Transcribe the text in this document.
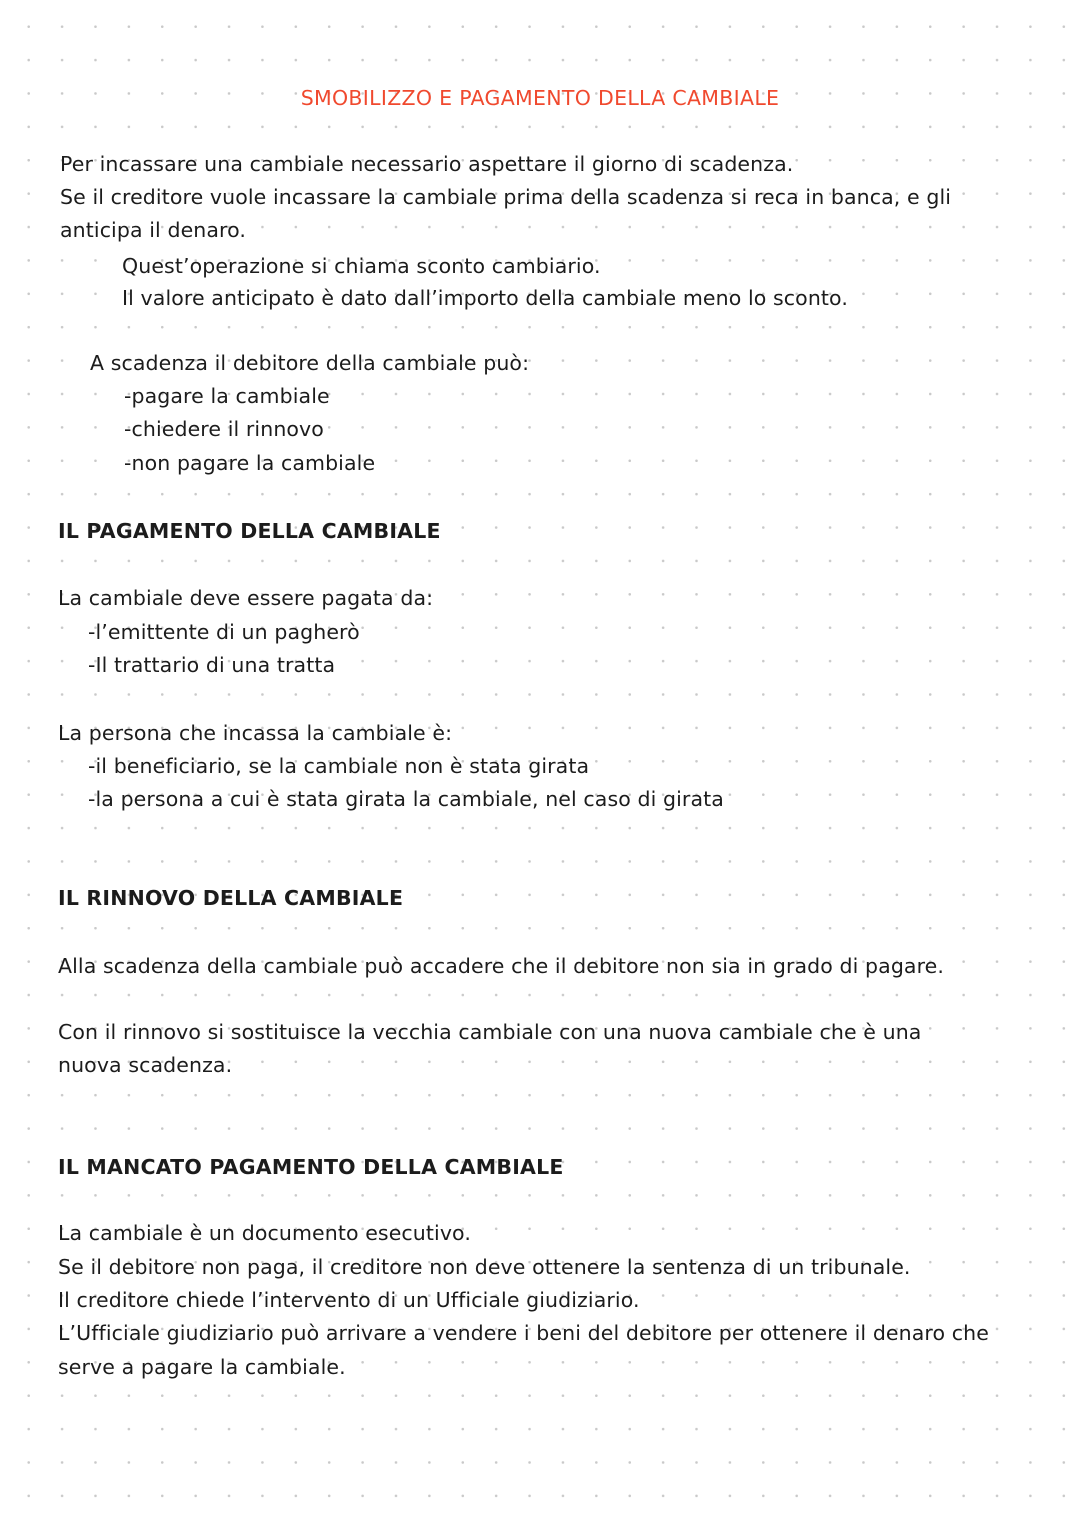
SMOBILIZZO E PAGAMENTO DELLA CAMBIALE
Per incassare una cambiale necessario aspettare il giorno di scadenza.
Se il creditore vuole incassare la cambiale prima della scadenza si reca in banca, e gli
anticipa il denaro.
Quest’operazione si chiama sconto cambiario.
Il valore anticipato è dato dall’importo della cambiale meno lo sconto.
A scadenza il debitore della cambiale può:
-pagare la cambiale
-chiedere il rinnovo
-non pagare la cambiale
IL PAGAMENTO DELLA CAMBIALE
La cambiale deve essere pagata da:
-l’emittente di un pagherò
-Il trattario di una tratta
La persona che incassa la cambiale è:
-il beneficiario, se la cambiale non è stata girata
-la persona a cui è stata girata la cambiale, nel caso di girata
IL RINNOVO DELLA CAMBIALE
Alla scadenza della cambiale può accadere che il debitore non sia in grado di pagare.
Con il rinnovo si sostituisce la vecchia cambiale con una nuova cambiale che è una
nuova scadenza.
IL MANCATO PAGAMENTO DELLA CAMBIALE
La cambiale è un documento esecutivo.
Se il debitore non paga, il creditore non deve ottenere la sentenza di un tribunale.
Il creditore chiede l’intervento di un Ufficiale giudiziario.
L’Ufficiale giudiziario può arrivare a vendere i beni del debitore per ottenere il denaro che
serve a pagare la cambiale.
